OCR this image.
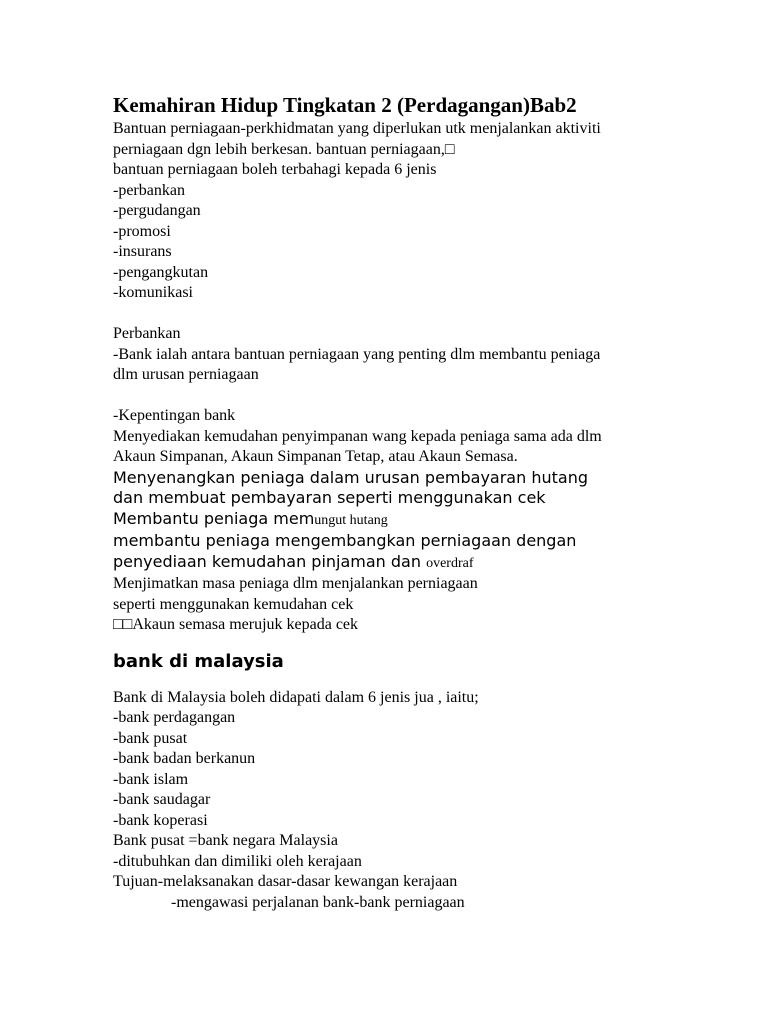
Kemahiran Hidup Tingkatan 2 (Perdagangan)Bab2
Bantuan perniagaan-perkhidmatan yang diperlukan utk menjalankan aktiviti
perniagaan dgn lebih berkesan. bantuan perniagaan,□
bantuan perniagaan boleh terbahagi kepada 6 jenis
-perbankan
-pergudangan
-promosi
-insurans
-pengangkutan
-komunikasi
Perbankan
-Bank ialah antara bantuan perniagaan yang penting dlm membantu peniaga
dlm urusan perniagaan
-Kepentingan bank
Menyediakan kemudahan penyimpanan wang kepada peniaga sama ada dlm
Akaun Simpanan, Akaun Simpanan Tetap, atau Akaun Semasa.
Menyenangkan peniaga dalam urusan pembayaran hutang
dan membuat pembayaran seperti menggunakan cek
Membantu peniaga memungut hutang
membantu peniaga mengembangkan perniagaan dengan
penyediaan kemudahan pinjaman dan overdraf
Menjimatkan masa peniaga dlm menjalankan perniagaan
seperti menggunakan kemudahan cek
□□Akaun semasa merujuk kepada cek
bank di malaysia
Bank di Malaysia boleh didapati dalam 6 jenis jua , iaitu;
-bank perdagangan
-bank pusat
-bank badan berkanun
-bank islam
-bank saudagar
-bank koperasi
Bank pusat =bank negara Malaysia
-ditubuhkan dan dimiliki oleh kerajaan
Tujuan-melaksanakan dasar-dasar kewangan kerajaan
-mengawasi perjalanan bank-bank perniagaan
